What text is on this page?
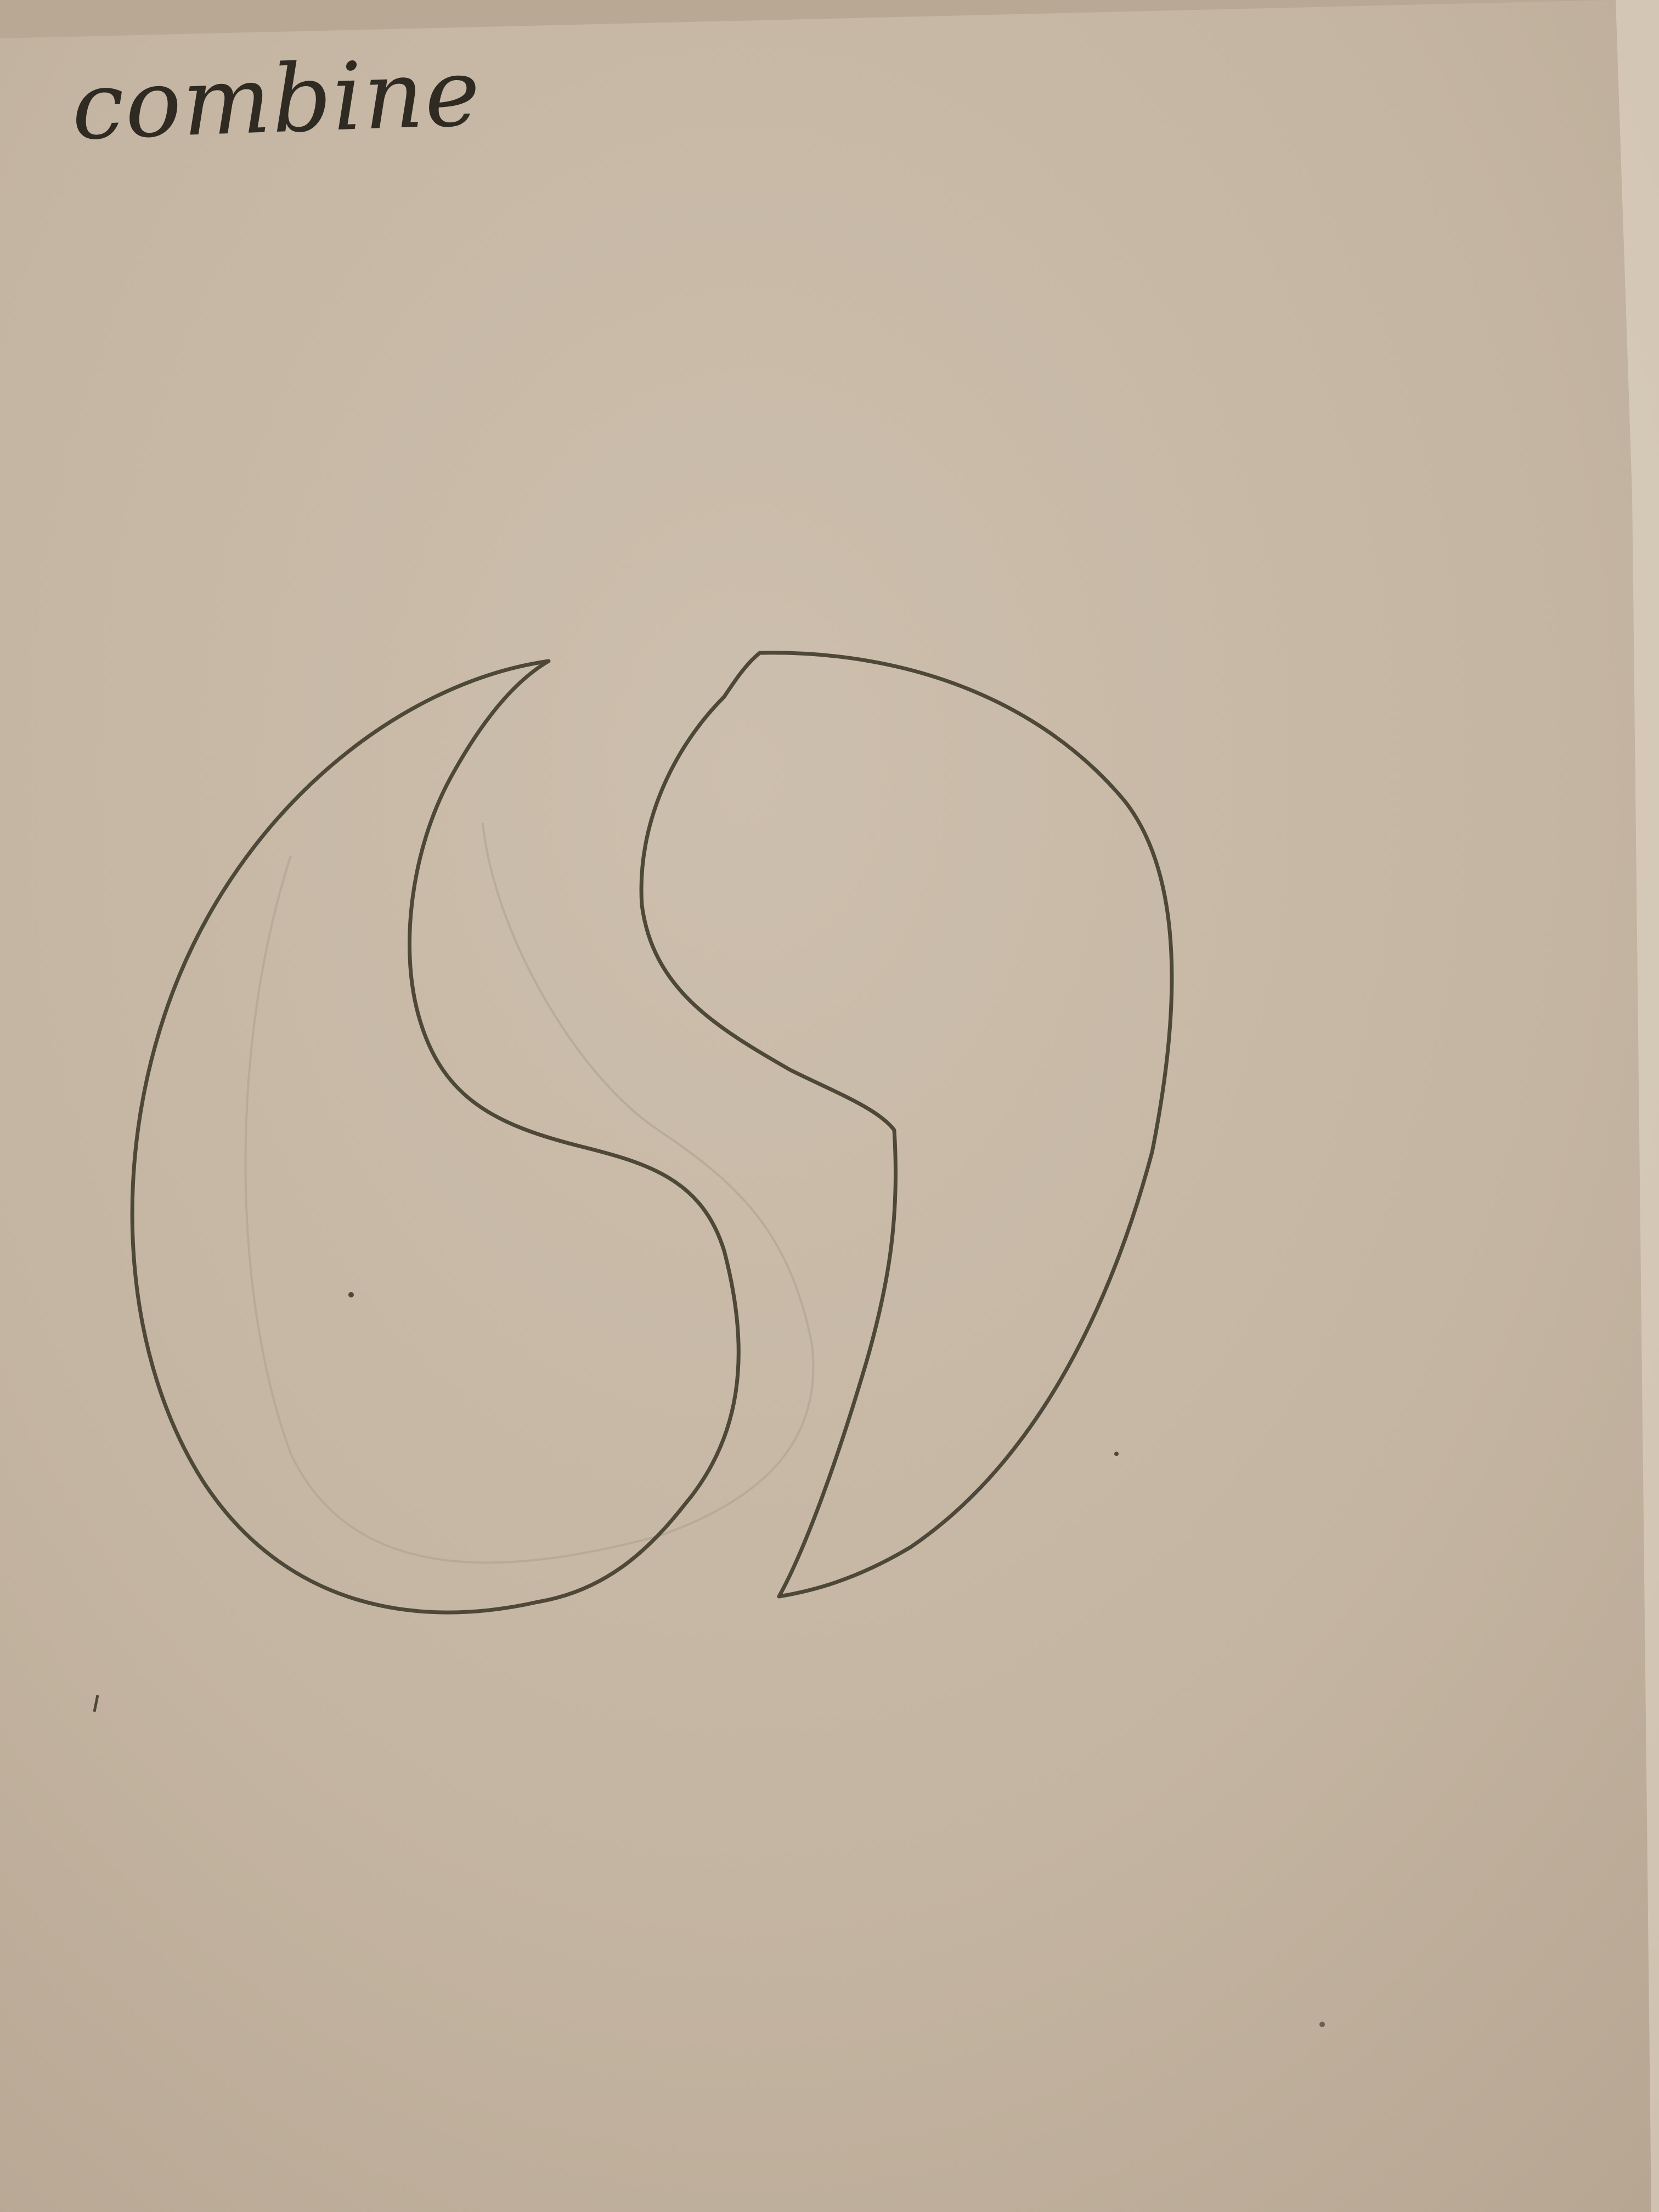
combine
